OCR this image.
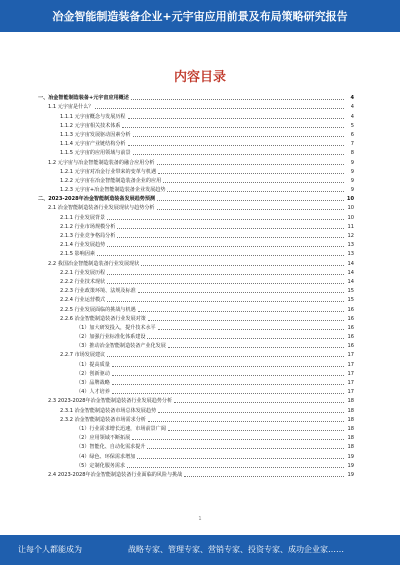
冶金智能制造装备企业+元宇宙应用前景及布局策略研究报告
内容目录
一、冶金智能制造装备+元宇宙应用概述	4
1.1 元宇宙是什么？	4
1.1.1 元宇宙概念与发展历程	4
1.1.2 元宇宙相关技术体系	5
1.1.3 元宇宙发展驱动因素分析	6
1.1.4 元宇宙产业链结构分析	7
1.1.5 元宇宙的应用领域与前景	8
1.2 元宇宙与冶金智能制造装备的融合应用分析	9
1.2.1 元宇宙对冶金行业带来的变革与机遇	9
1.2.2 元宇宙在冶金智能制造装备企业的应用	9
1.2.3 元宇宙+冶金智能制造装备企业发展趋势	9
二、2023-2028年冶金智能制造装备发展趋势预测	10
2.1 冶金智能制造装备行业发展现状与趋势分析	10
2.1.1 行业发展背景	10
2.1.2 行业市场规模分析	11
2.1.3 行业竞争格局分析	12
2.1.4 行业发展趋势	13
2.1.5 影响因素	13
2.2 我国冶金智能制造装备行业发展现状	14
2.2.1 行业发展历程	14
2.2.2 行业技术现状	14
2.2.3 行业政策环境、法规及标准	15
2.2.4 行业运营模式	15
2.2.5 行业发展面临的挑战与机遇	16
2.2.6 冶金智能制造装备行业发展对策	16
（1）加大研发投入，提升技术水平	16
（2）加强行业标准化体系建设	16
（3）推动冶金智能制造装备产业化发展	16
2.2.7 市场发展建议	17
（1）提高质量	17
（2）创新驱动	17
（3）品牌战略	17
（4）人才培养	17
2.3 2023-2028年冶金智能制造装备行业发展趋势分析	18
2.3.1 冶金智能制造装备市场总体发展趋势	18
2.3.2 冶金智能制造装备市场需求分析	18
（1）行业需求增长迅速，市场前景广阔	18
（2）应用领域不断拓展	18
（3）智能化、自动化需求提升	18
（4）绿色、环保需求增加	19
（5）定制化服务需求	19
2.4 2023-2028年冶金智能制造装备行业面临的风险与挑战	19
1
让每个人都能成为	战略专家、管理专家、营销专家、投资专家、成功企业家……
